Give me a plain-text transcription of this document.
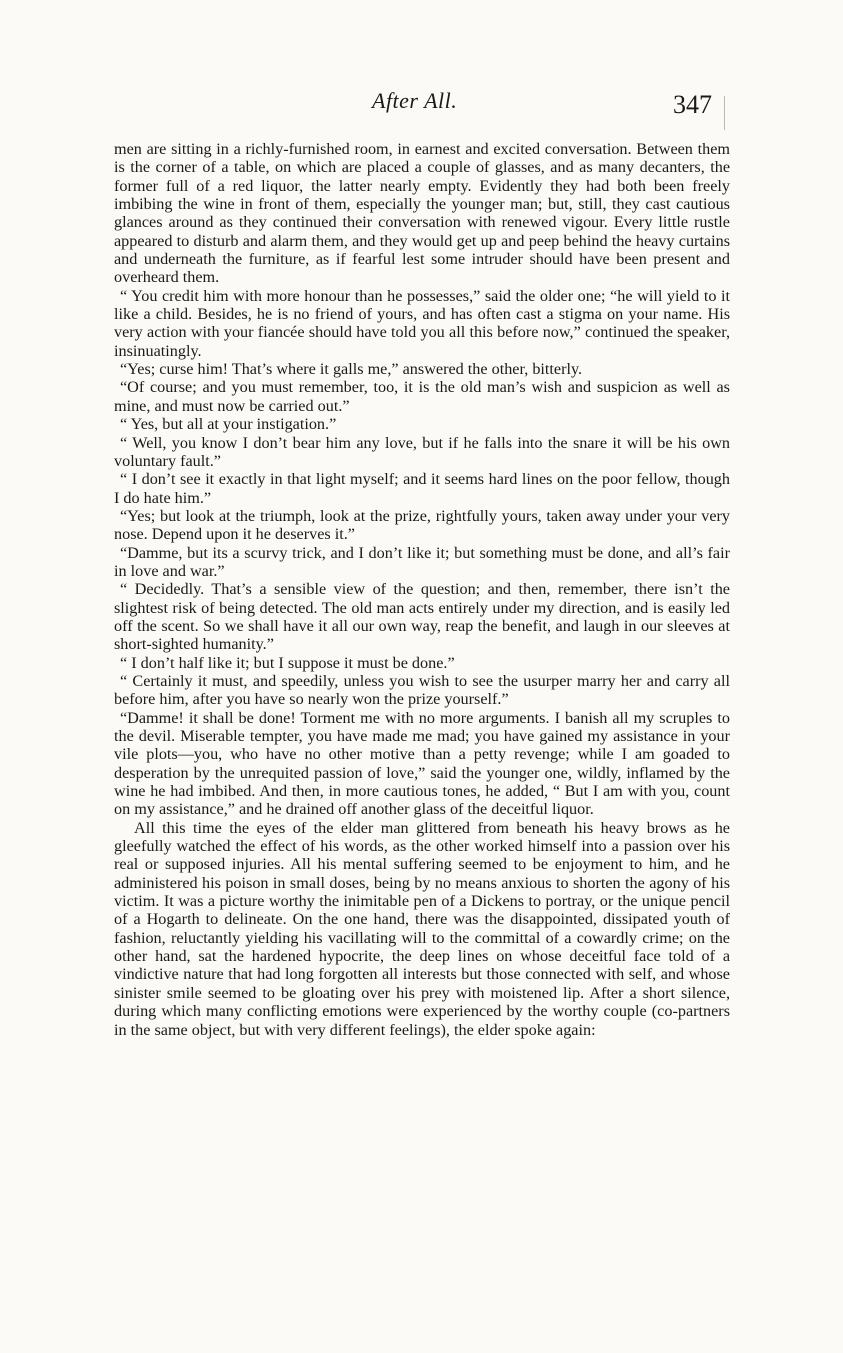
After All.	347

men are sitting in a richly-furnished room, in earnest and excited conversation. Between them is the corner of a table, on which are placed a couple of glasses, and as many decanters, the former full of a red liquor, the latter nearly empty. Evidently they had both been freely imbibing the wine in front of them, especially the younger man; but, still, they cast cautious glances around as they continued their conversation with renewed vigour. Every little rustle appeared to disturb and alarm them, and they would get up and peep behind the heavy curtains and underneath the furniture, as if fearful lest some intruder should have been present and overheard them.

“ You credit him with more honour than he possesses,” said the older one; “he will yield to it like a child. Besides, he is no friend of yours, and has often cast a stigma on your name. His very action with your fiancée should have told you all this before now,” continued the speaker, insinuatingly.

“Yes; curse him! That’s where it galls me,” answered the other, bitterly.

“Of course; and you must remember, too, it is the old man’s wish and suspicion as well as mine, and must now be carried out.”

“ Yes, but all at your instigation.”

“ Well, you know I don’t bear him any love, but if he falls into the snare it will be his own voluntary fault.”

“ I don’t see it exactly in that light myself; and it seems hard lines on the poor fellow, though I do hate him.”

“Yes; but look at the triumph, look at the prize, rightfully yours, taken away under your very nose. Depend upon it he deserves it.”

“Damme, but its a scurvy trick, and I don’t like it; but something must be done, and all’s fair in love and war.”

“ Decidedly. That’s a sensible view of the question; and then, remember, there isn’t the slightest risk of being detected. The old man acts entirely under my direction, and is easily led off the scent. So we shall have it all our own way, reap the benefit, and laugh in our sleeves at short-sighted humanity.”

“ I don’t half like it; but I suppose it must be done.”

“ Certainly it must, and speedily, unless you wish to see the usurper marry her and carry all before him, after you have so nearly won the prize yourself.”

“Damme! it shall be done! Torment me with no more arguments. I banish all my scruples to the devil. Miserable tempter, you have made me mad; you have gained my assistance in your vile plots—you, who have no other motive than a petty revenge; while I am goaded to desperation by the unrequited passion of love,” said the younger one, wildly, inflamed by the wine he had imbibed. And then, in more cautious tones, he added, “ But I am with you, count on my assistance,” and he drained off another glass of the deceitful liquor.

All this time the eyes of the elder man glittered from beneath his heavy brows as he gleefully watched the effect of his words, as the other worked himself into a passion over his real or supposed injuries. All his mental suffering seemed to be enjoyment to him, and he administered his poison in small doses, being by no means anxious to shorten the agony of his victim. It was a picture worthy the inimitable pen of a Dickens to portray, or the unique pencil of a Hogarth to delineate. On the one hand, there was the disappointed, dissipated youth of fashion, reluctantly yielding his vacillating will to the committal of a cowardly crime; on the other hand, sat the hardened hypocrite, the deep lines on whose deceitful face told of a vindictive nature that had long forgotten all interests but those connected with self, and whose sinister smile seemed to be gloating over his prey with moistened lip. After a short silence, during which many conflicting emotions were experienced by the worthy couple (co-partners in the same object, but with very different feelings), the elder spoke again:
